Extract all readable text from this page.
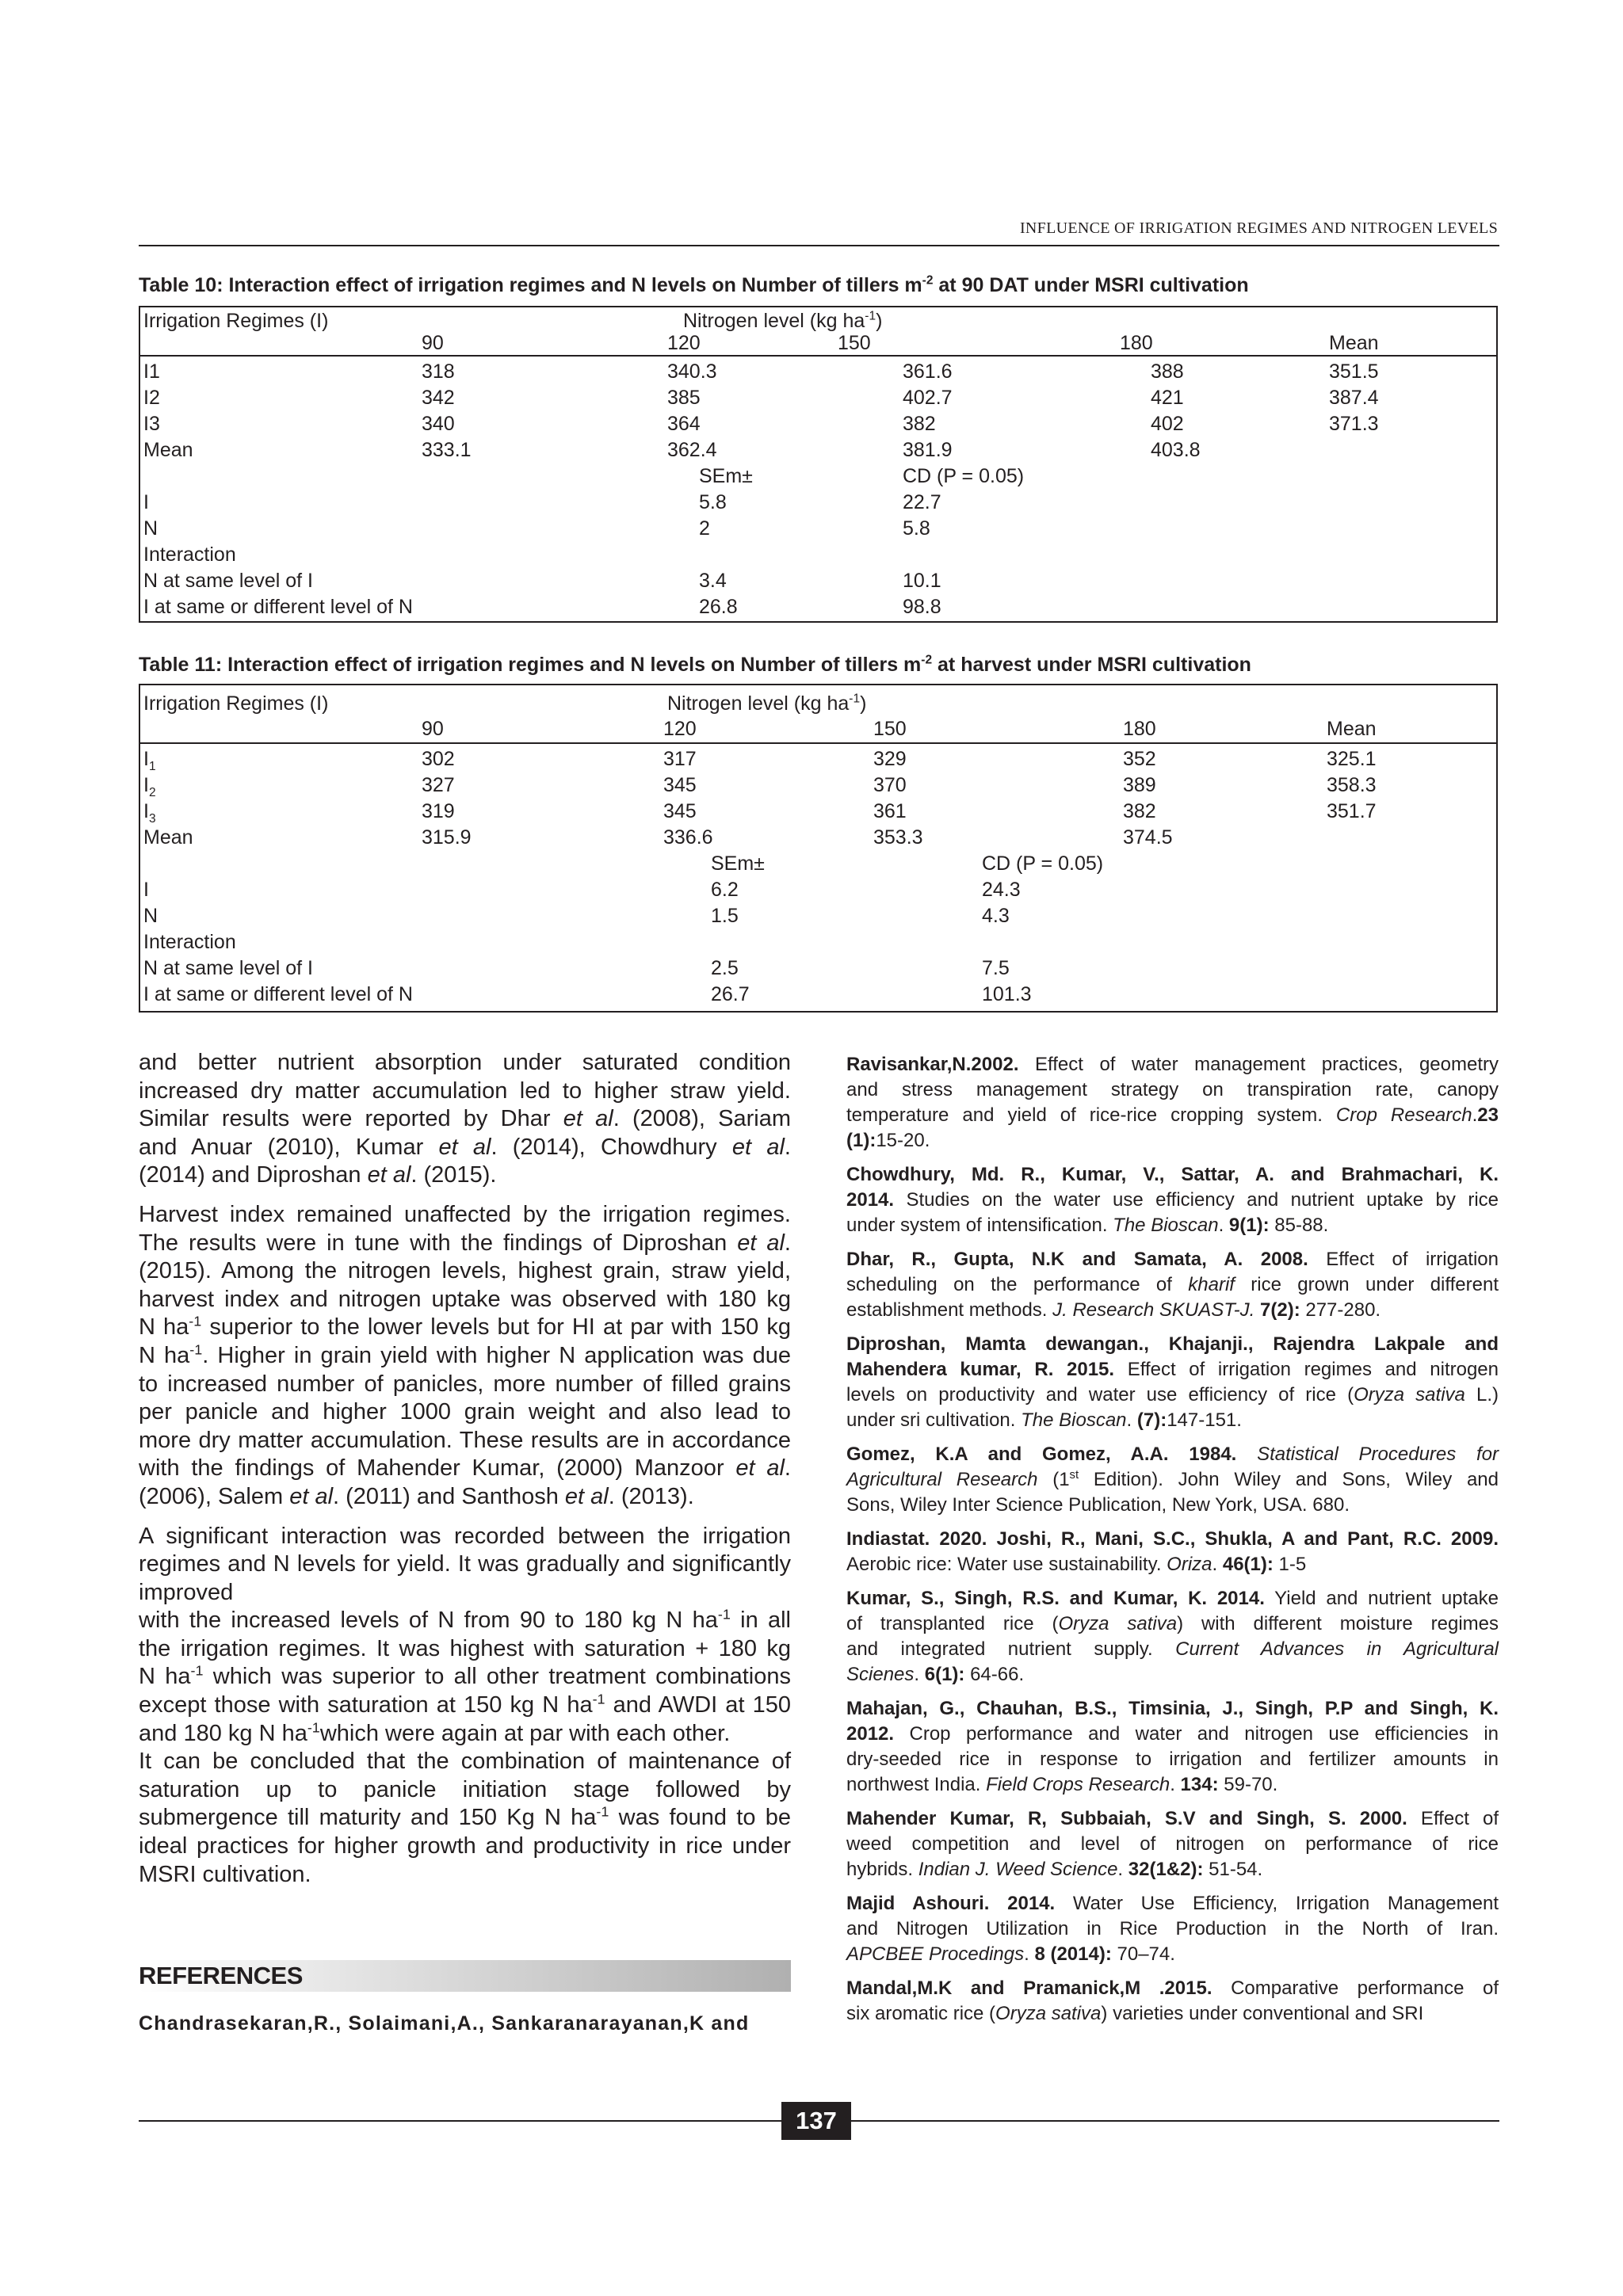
INFLUENCE OF IRRIGATION REGIMES AND NITROGEN LEVELS
Table 10: Interaction effect of irrigation regimes and N levels on Number of tillers $m^{-2}$ at 90 DAT under MSRI cultivation
Irrigation Regimes (I)	Nitrogen level (kg $ha^{-1}$)
90	120	150	180	Mean
I1	318	340.3	361.6	388	351.5
I2	342	385	402.7	421	387.4
I3	340	364	382	402	371.3
Mean	333.1	362.4	381.9	403.8
SEm±	CD (P = 0.05)
I	5.8	22.7
N	2	5.8
Interaction
N at same level of I	3.4	10.1
I at same or different level of N	26.8	98.8
Table 11: Interaction effect of irrigation regimes and N levels on Number of tillers $m^{-2}$ at harvest under MSRI cultivation
Irrigation Regimes (I)	Nitrogen level (kg $ha^{-1}$)
90	120	150	180	Mean
$I_1$	302	317	329	352	325.1
$I_2$	327	345	370	389	358.3
$I_3$	319	345	361	382	351.7
Mean	315.9	336.6	353.3	374.5
SEm±	CD (P = 0.05)
I	6.2	24.3
N	1.5	4.3
Interaction
N at same level of I	2.5	7.5
I at same or different level of N	26.7	101.3
and better nutrient absorption under saturated condition
increased dry matter accumulation led to higher straw yield.
Similar results were reported by Dhar et al. (2008), Sariam
and Anuar (2010), Kumar et al. (2014), Chowdhury et al.
(2014) and Diproshan et al. (2015).
Harvest index remained unaffected by the irrigation regimes.
The results were in tune with the findings of Diproshan et al.
(2015). Among the nitrogen levels, highest grain, straw yield,
harvest index and nitrogen uptake was observed with 180 kg
N $ha^{-1}$ superior to the lower levels but for HI at par with 150 kg
N $ha^{-1}$. Higher in grain yield with higher N application was due
to increased number of panicles, more number of filled grains
per panicle and higher 1000 grain weight and also lead to
more dry matter accumulation. These results are in accordance
with the findings of Mahender Kumar, (2000) Manzoor et al.
(2006), Salem et al. (2011) and Santhosh et al. (2013).
A significant interaction was recorded between the irrigation
regimes and N levels for yield. It was gradually and significantly
improved
with the increased levels of N from 90 to 180 kg N $ha^{-1}$ in all
the irrigation regimes. It was highest with saturation + 180 kg
N $ha^{-1}$ which was superior to all other treatment combinations
except those with saturation at 150 kg N $ha^{-1}$ and AWDI at 150
and 180 kg N $ha^{-1}which$ were again at par with each other.
It can be concluded that the combination of maintenance of
saturation up to panicle initiation stage followed by
submergence till maturity and 150 Kg N $ha^{-1}$ was found to be
ideal practices for higher growth and productivity in rice under
MSRI cultivation.
REFERENCES
Chandrasekaran,R., Solaimani,A., Sankaranarayanan,K and
Ravisankar,N.2002. Effect of water management practices, geometry
and stress management strategy on transpiration rate, canopy
temperature and yield of rice-rice cropping system. Crop Research.23
(1):15-20.
Chowdhury, Md. R., Kumar, V., Sattar, A. and Brahmachari, K.
2014. Studies on the water use efficiency and nutrient uptake by rice
under system of intensification. The Bioscan. 9(1): 85-88.
Dhar, R., Gupta, N.K and Samata, A. 2008. Effect of irrigation
scheduling on the performance of kharif rice grown under different
establishment methods. J. Research SKUAST-J. 7(2): 277-280.
Diproshan, Mamta dewangan., Khajanji., Rajendra Lakpale and
Mahendera kumar, R. 2015. Effect of irrigation regimes and nitrogen
levels on productivity and water use efficiency of rice (Oryza sativa L.)
under sri cultivation. The Bioscan. (7):147-151.
Gomez, K.A and Gomez, A.A. 1984. Statistical Procedures for
Agricultural Research (1st Edition). John Wiley and Sons, Wiley and
Sons, Wiley Inter Science Publication, New York, USA. 680.
Indiastat. 2020. Joshi, R., Mani, S.C., Shukla, A and Pant, R.C. 2009.
Aerobic rice: Water use sustainability. Oriza. 46(1): 1-5
Kumar, S., Singh, R.S. and Kumar, K. 2014. Yield and nutrient uptake
of transplanted rice (Oryza sativa) with different moisture regimes
and integrated nutrient supply. Current Advances in Agricultural
Scienes. 6(1): 64-66.
Mahajan, G., Chauhan, B.S., Timsinia, J., Singh, P.P and Singh, K.
2012. Crop performance and water and nitrogen use efficiencies in
dry-seeded rice in response to irrigation and fertilizer amounts in
northwest India. Field Crops Research. 134: 59-70.
Mahender Kumar, R, Subbaiah, S.V and Singh, S. 2000. Effect of
weed competition and level of nitrogen on performance of rice
hybrids. Indian J. Weed Science. 32(1&2): 51-54.
Majid Ashouri. 2014. Water Use Efficiency, Irrigation Management
and Nitrogen Utilization in Rice Production in the North of Iran.
APCBEE Procedings. 8 (2014): 70–74.
Mandal,M.K and Pramanick,M .2015. Comparative performance of
six aromatic rice (Oryza sativa) varieties under conventional and SRI
137
